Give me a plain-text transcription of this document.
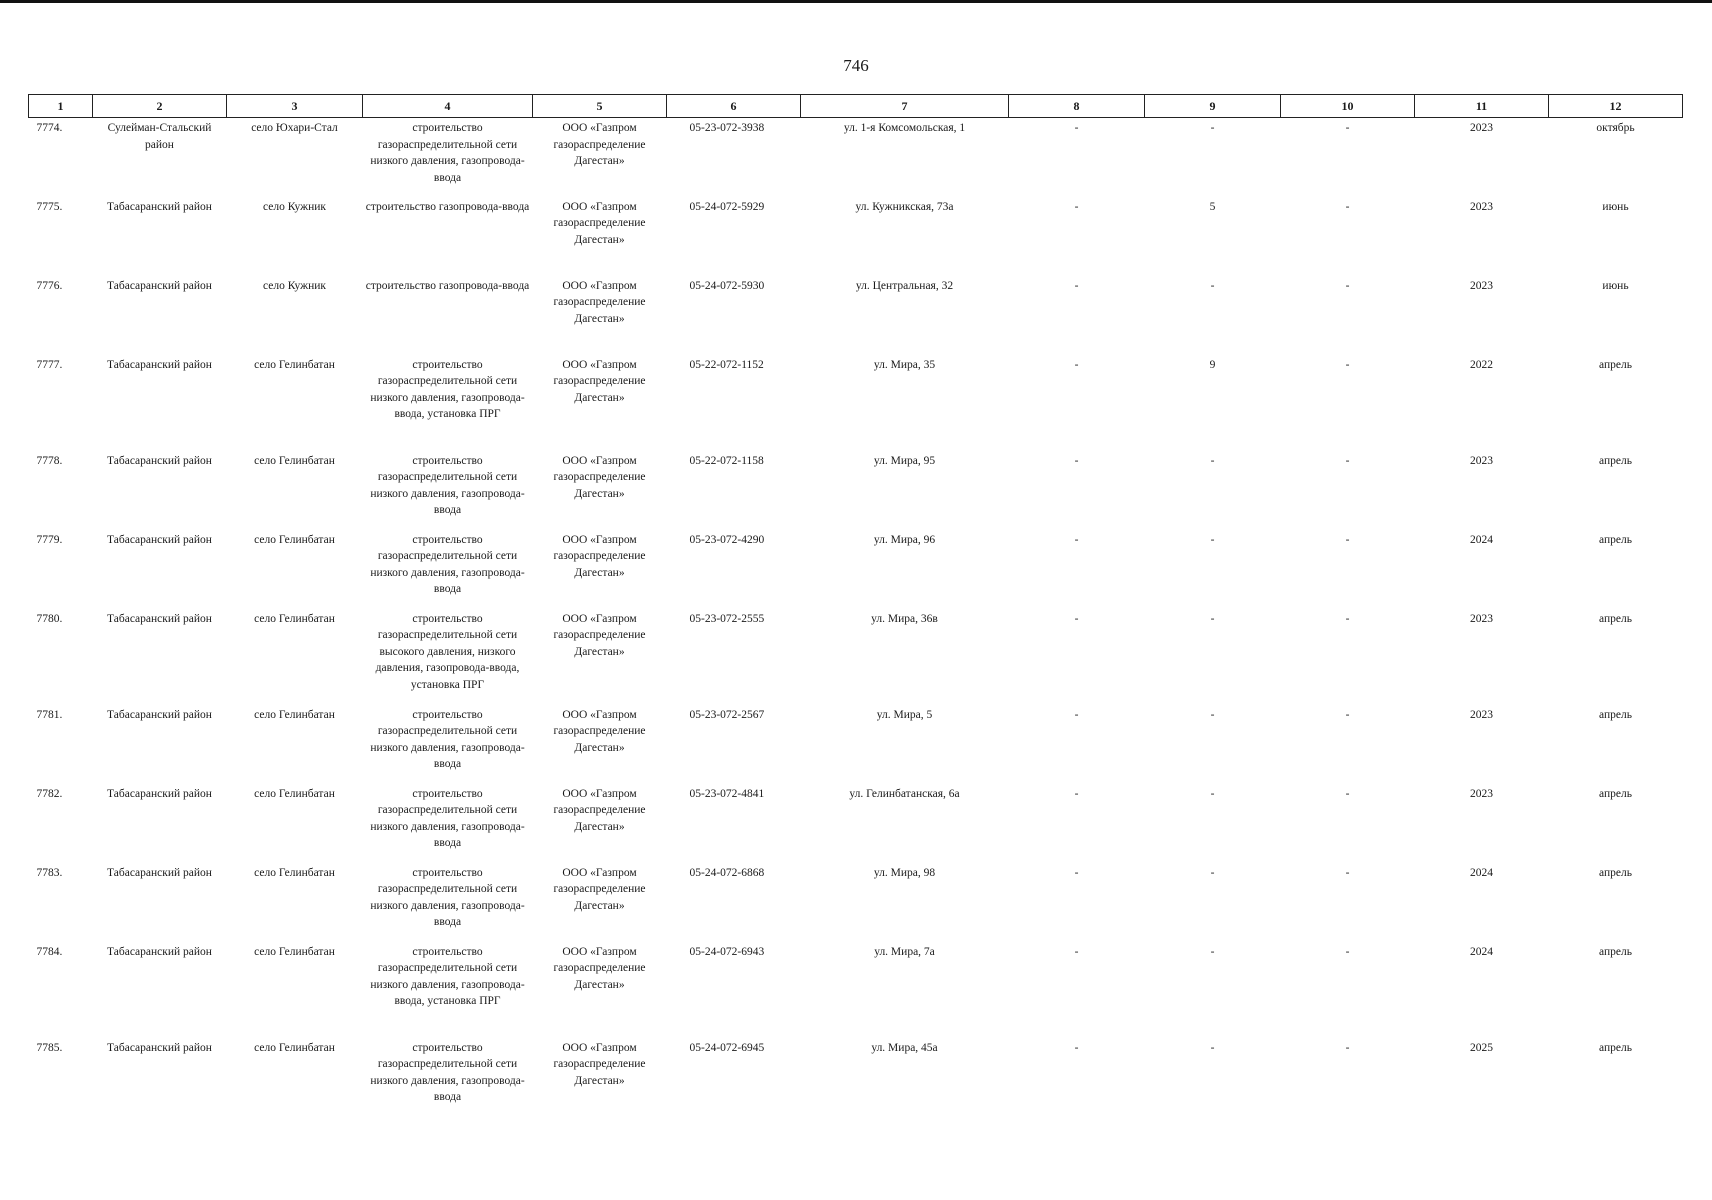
746
1	2	3	4	5	6	7	8	9	10	11	12
7774.	Сулейман-Стальский район	село Юхари-Стал	строительство газораспределительной сети низкого давления, газопровода-ввода	ООО «Газпром газораспределение Дагестан»	05-23-072-3938	ул. 1-я Комсомольская, 1	-	-	-	2023	октябрь
7775.	Табасаранский район	село Кужник	строительство газопровода-ввода	ООО «Газпром газораспределение Дагестан»	05-24-072-5929	ул. Кужникская, 73а	-	5	-	2023	июнь
7776.	Табасаранский район	село Кужник	строительство газопровода-ввода	ООО «Газпром газораспределение Дагестан»	05-24-072-5930	ул. Центральная, 32	-	-	-	2023	июнь
7777.	Табасаранский район	село Гелинбатан	строительство газораспределительной сети низкого давления, газопровода-ввода, установка ПРГ	ООО «Газпром газораспределение Дагестан»	05-22-072-1152	ул. Мира, 35	-	9	-	2022	апрель
7778.	Табасаранский район	село Гелинбатан	строительство газораспределительной сети низкого давления, газопровода-ввода	ООО «Газпром газораспределение Дагестан»	05-22-072-1158	ул. Мира, 95	-	-	-	2023	апрель
7779.	Табасаранский район	село Гелинбатан	строительство газораспределительной сети низкого давления, газопровода-ввода	ООО «Газпром газораспределение Дагестан»	05-23-072-4290	ул. Мира, 96	-	-	-	2024	апрель
7780.	Табасаранский район	село Гелинбатан	строительство газораспределительной сети высокого давления, низкого давления, газопровода-ввода, установка ПРГ	ООО «Газпром газораспределение Дагестан»	05-23-072-2555	ул. Мира, 36в	-	-	-	2023	апрель
7781.	Табасаранский район	село Гелинбатан	строительство газораспределительной сети низкого давления, газопровода-ввода	ООО «Газпром газораспределение Дагестан»	05-23-072-2567	ул. Мира, 5	-	-	-	2023	апрель
7782.	Табасаранский район	село Гелинбатан	строительство газораспределительной сети низкого давления, газопровода-ввода	ООО «Газпром газораспределение Дагестан»	05-23-072-4841	ул. Гелинбатанская, 6а	-	-	-	2023	апрель
7783.	Табасаранский район	село Гелинбатан	строительство газораспределительной сети низкого давления, газопровода-ввода	ООО «Газпром газораспределение Дагестан»	05-24-072-6868	ул. Мира, 98	-	-	-	2024	апрель
7784.	Табасаранский район	село Гелинбатан	строительство газораспределительной сети низкого давления, газопровода-ввода, установка ПРГ	ООО «Газпром газораспределение Дагестан»	05-24-072-6943	ул. Мира, 7а	-	-	-	2024	апрель
7785.	Табасаранский район	село Гелинбатан	строительство газораспределительной сети низкого давления, газопровода-ввода	ООО «Газпром газораспределение Дагестан»	05-24-072-6945	ул. Мира, 45а	-	-	-	2025	апрель
